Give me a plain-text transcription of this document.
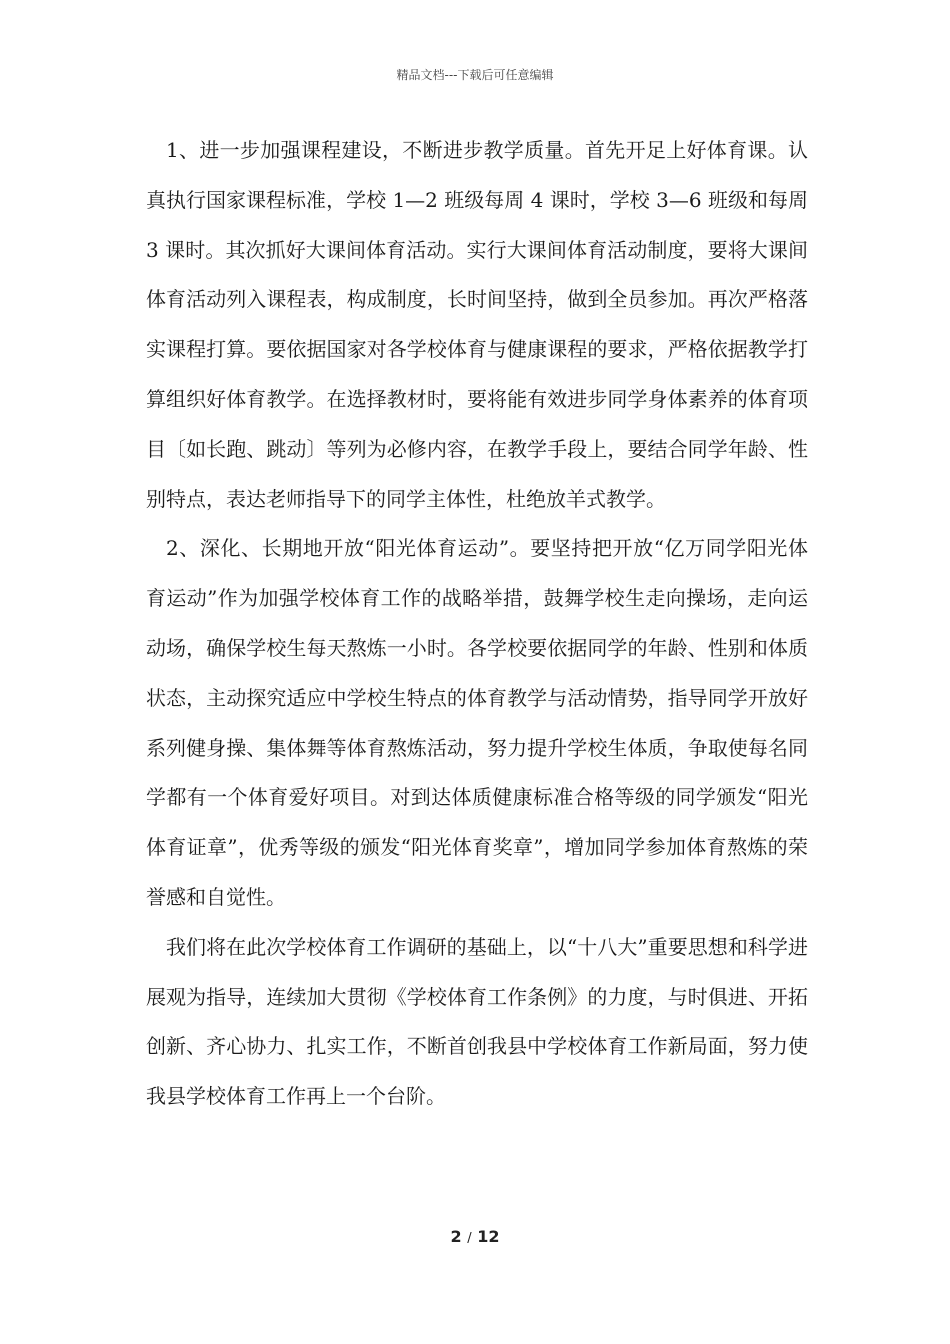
精品文档---下载后可任意编辑

1、进一步加强课程建设，不断进步教学质量。首先开足上好体育课。认真执行国家课程标准，学校 1—2 班级每周 4 课时，学校 3—6 班级和每周 3 课时。其次抓好大课间体育活动。实行大课间体育活动制度，要将大课间体育活动列入课程表，构成制度，长时间坚持，做到全员参加。再次严格落实课程打算。要依据国家对各学校体育与健康课程的要求，严格依据教学打算组织好体育教学。在选择教材时，要将能有效进步同学身体素养的体育项目〔如长跑、跳动〕等列为必修内容，在教学手段上，要结合同学年龄、性别特点，表达老师指导下的同学主体性，杜绝放羊式教学。

2、深化、长期地开放“阳光体育运动”。要坚持把开放“亿万同学阳光体育运动”作为加强学校体育工作的战略举措，鼓舞学校生走向操场，走向运动场，确保学校生每天熬炼一小时。各学校要依据同学的年龄、性别和体质状态，主动探究适应中学校生特点的体育教学与活动情势，指导同学开放好系列健身操、集体舞等体育熬炼活动，努力提升学校生体质，争取使每名同学都有一个体育爱好项目。对到达体质健康标准合格等级的同学颁发“阳光体育证章”，优秀等级的颁发“阳光体育奖章”，增加同学参加体育熬炼的荣誉感和自觉性。

我们将在此次学校体育工作调研的基础上，以“十八大”重要思想和科学进展观为指导，连续加大贯彻《学校体育工作条例》的力度，与时俱进、开拓创新、齐心协力、扎实工作，不断首创我县中学校体育工作新局面，努力使我县学校体育工作再上一个台阶。

2 / 12
